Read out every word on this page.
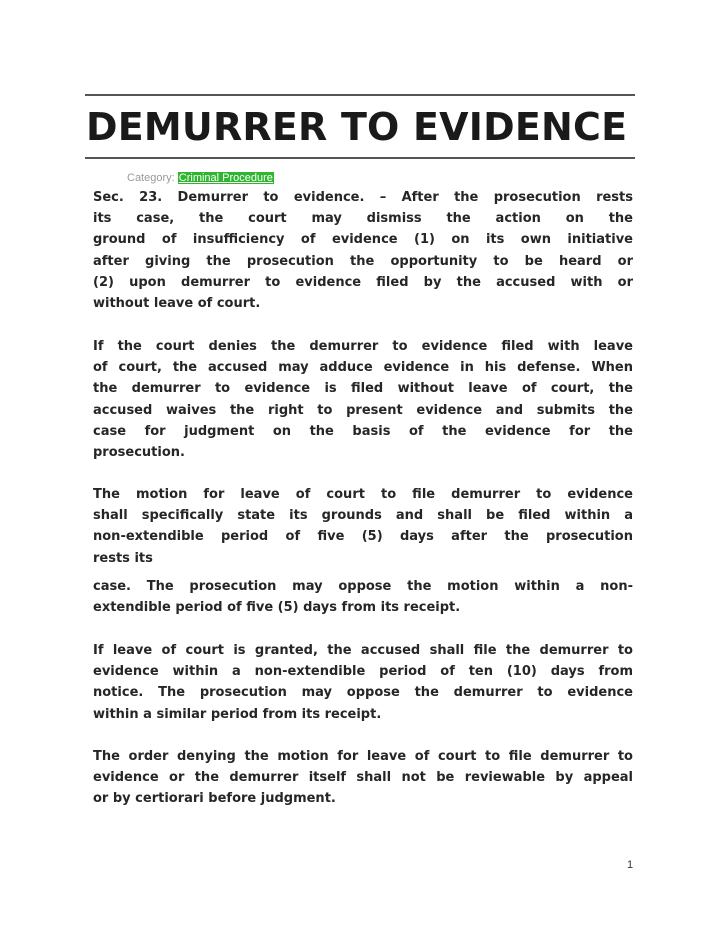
DEMURRER TO EVIDENCE
Category: Criminal Procedure
Sec. 23. Demurrer to evidence. – After the prosecution rests
its case, the court may dismiss the action on the
ground of insufficiency of evidence (1) on its own initiative
after giving the prosecution the opportunity to be heard or
(2) upon demurrer to evidence filed by the accused with or
without leave of court.
If the court denies the demurrer to evidence filed with leave
of court, the accused may adduce evidence in his defense. When
the demurrer to evidence is filed without leave of court, the
accused waives the right to present evidence and submits the
case for judgment on the basis of the evidence for the
prosecution.
The motion for leave of court to file demurrer to evidence
shall specifically state its grounds and shall be filed within a
non-extendible period of five (5) days after the prosecution
rests its
case. The prosecution may oppose the motion within a non-
extendible period of five (5) days from its receipt.
If leave of court is granted, the accused shall file the demurrer to
evidence within a non-extendible period of ten (10) days from
notice. The prosecution may oppose the demurrer to evidence
within a similar period from its receipt.
The order denying the motion for leave of court to file demurrer to
evidence or the demurrer itself shall not be reviewable by appeal
or by certiorari before judgment.
1
